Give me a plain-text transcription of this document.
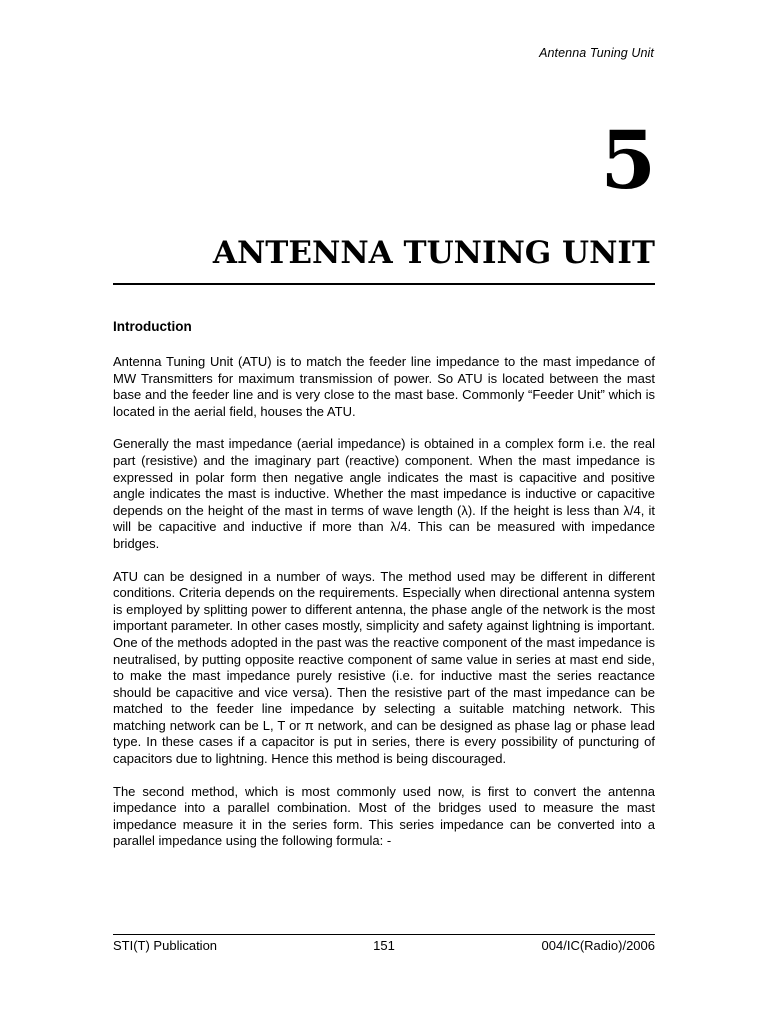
Antenna Tuning Unit
5
ANTENNA TUNING UNIT
Introduction

Antenna Tuning Unit (ATU) is to match the feeder line impedance to the mast impedance of MW Transmitters for maximum transmission of power. So ATU is located between the mast base and the feeder line and is very close to the mast base. Commonly “Feeder Unit” which is located in the aerial field, houses the ATU.

Generally the mast impedance (aerial impedance) is obtained in a complex form i.e. the real part (resistive) and the imaginary part (reactive) component. When the mast impedance is expressed in polar form then negative angle indicates the mast is capacitive and positive angle indicates the mast is inductive. Whether the mast impedance is inductive or capacitive depends on the height of the mast in terms of wave length (λ). If the height is less than λ/4, it will be capacitive and inductive if more than λ/4. This can be measured with impedance bridges.

ATU can be designed in a number of ways. The method used may be different in different conditions. Criteria depends on the requirements. Especially when directional antenna system is employed by splitting power to different antenna, the phase angle of the network is the most important parameter. In other cases mostly, simplicity and safety against lightning is important. One of the methods adopted in the past was the reactive component of the mast impedance is neutralised, by putting opposite reactive component of same value in series at mast end side, to make the mast impedance purely resistive (i.e. for inductive mast the series reactance should be capacitive and vice versa). Then the resistive part of the mast impedance can be matched to the feeder line impedance by selecting a suitable matching network. This matching network can be L, T or π network, and can be designed as phase lag or phase lead type. In these cases if a capacitor is put in series, there is every possibility of puncturing of capacitors due to lightning. Hence this method is being discouraged.

The second method, which is most commonly used now, is first to convert the antenna impedance into a parallel combination. Most of the bridges used to measure the mast impedance measure it in the series form. This series impedance can be converted into a parallel impedance using the following formula: -

STI(T) Publication	151	004/IC(Radio)/2006
